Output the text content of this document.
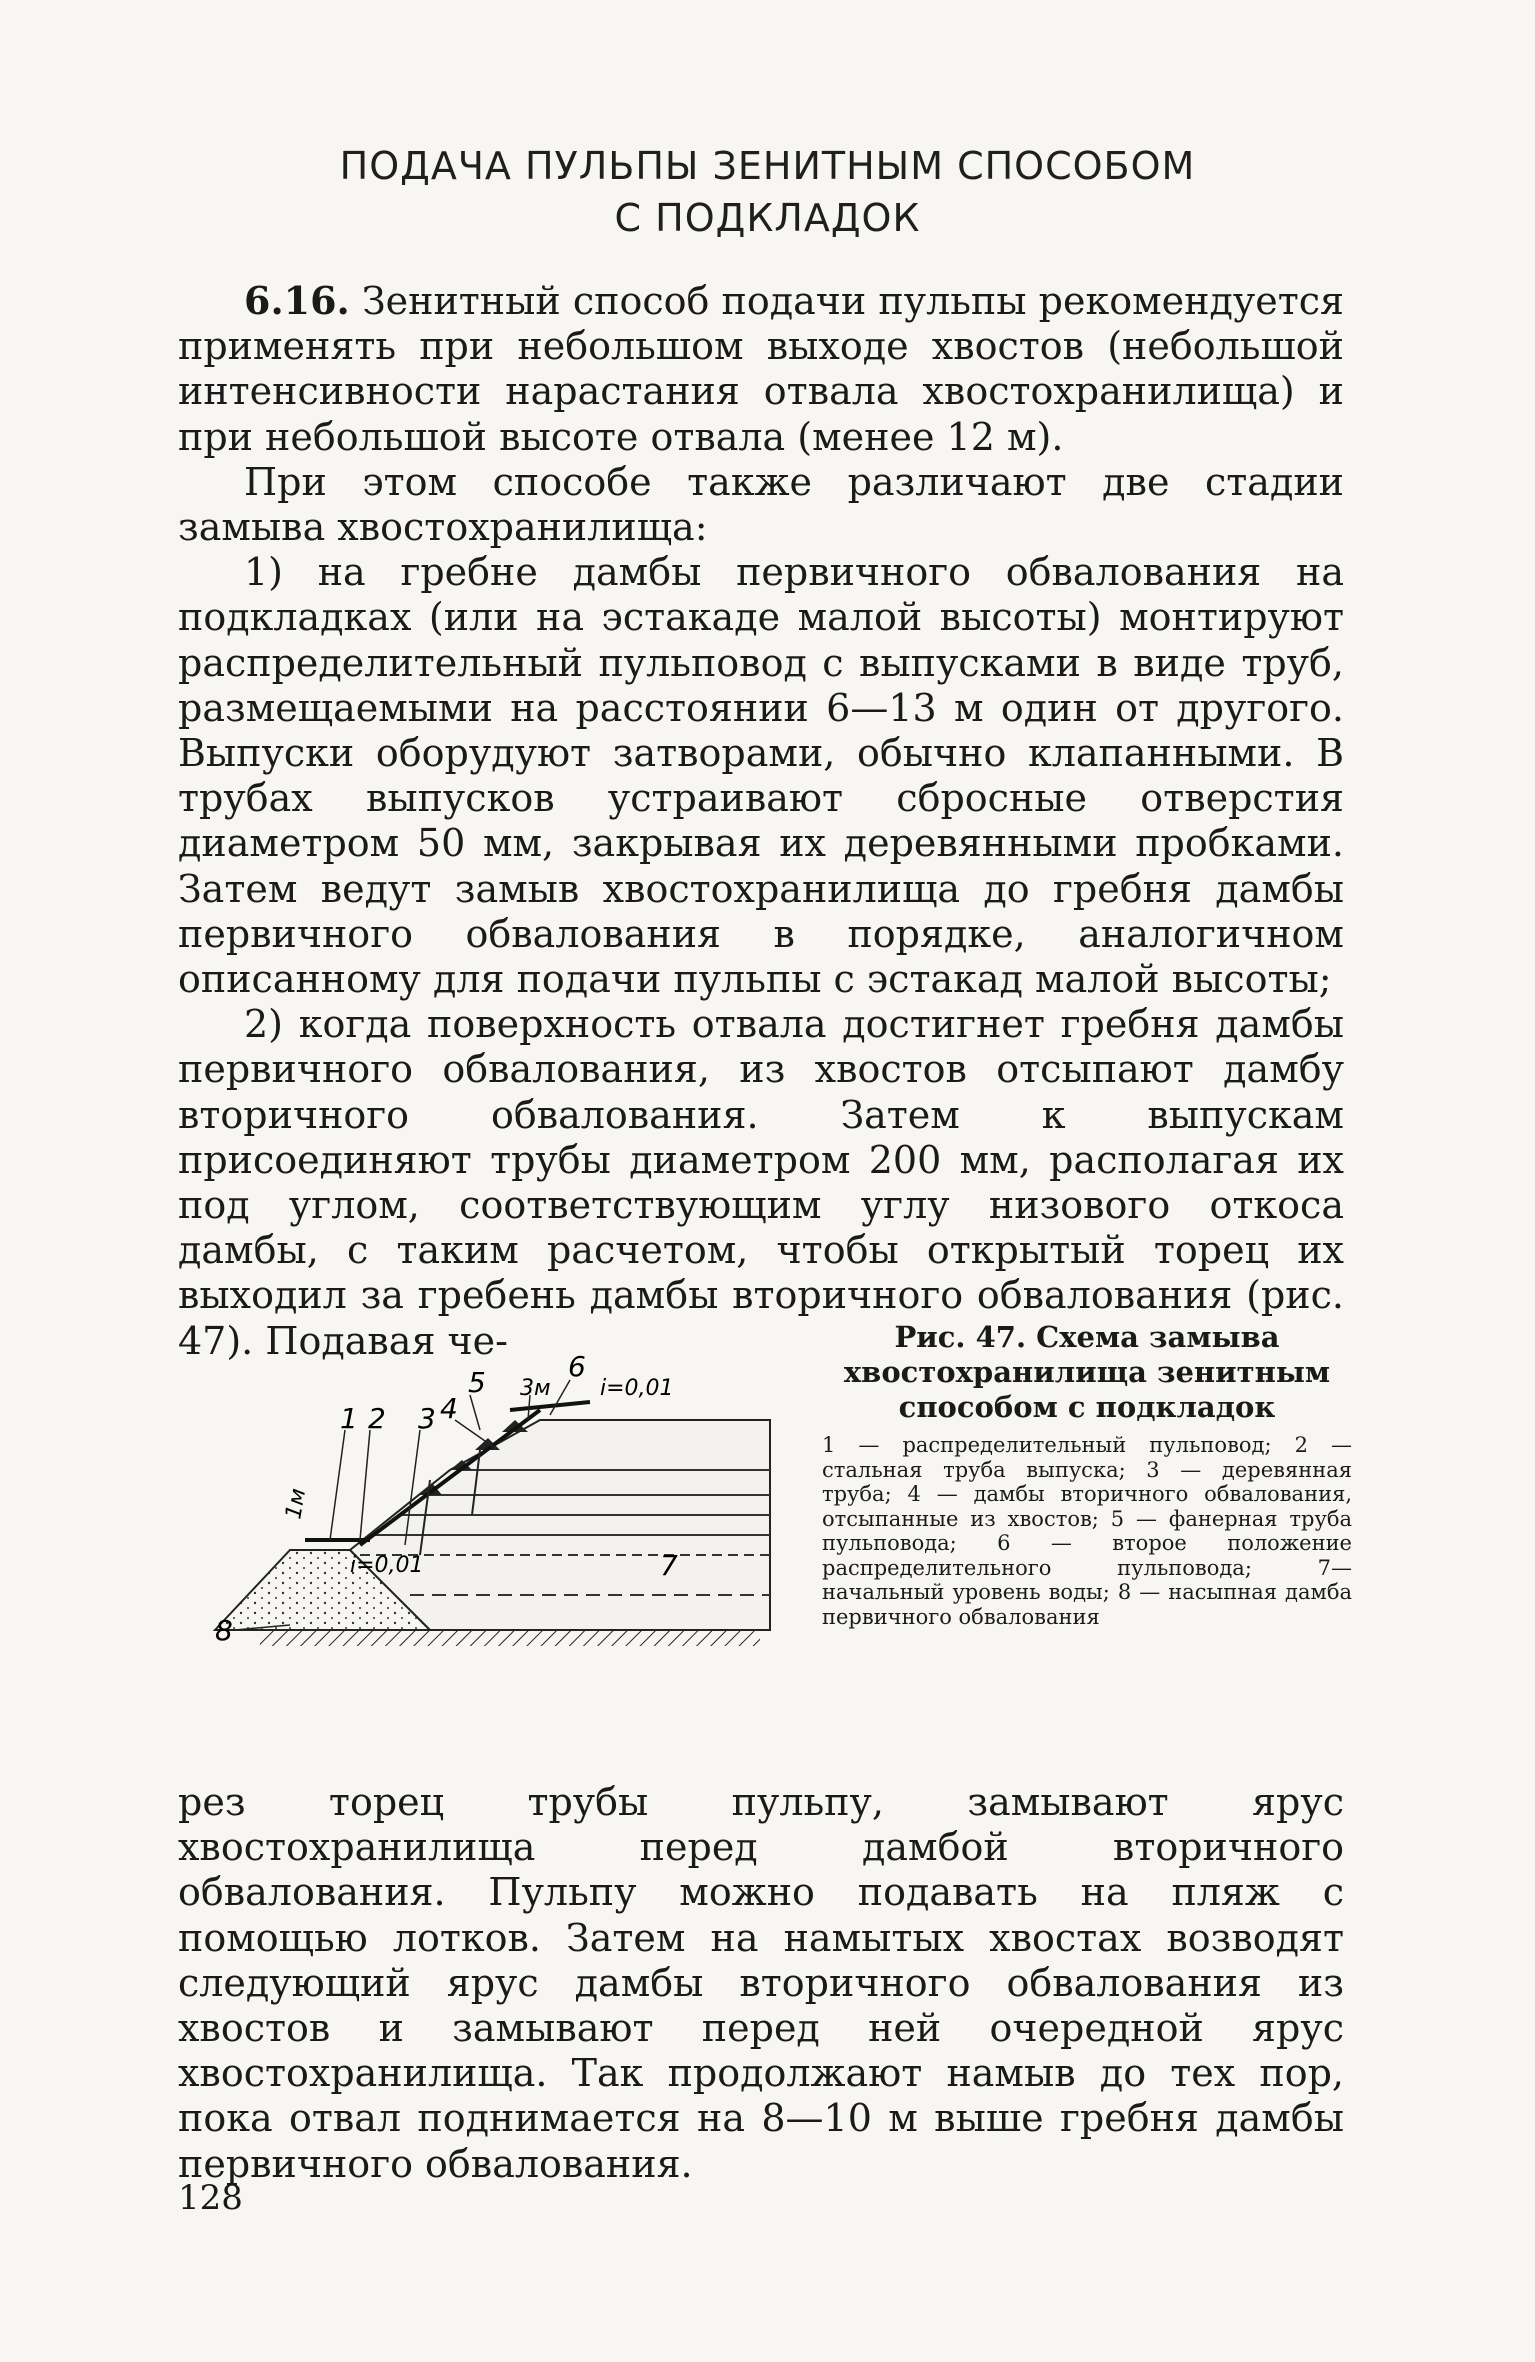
ПОДАЧА ПУЛЬПЫ ЗЕНИТНЫМ СПОСОБОМ
С ПОДКЛАДОК

6.16. Зенитный способ подачи пульпы рекомендуется применять при небольшом выходе хвостов (небольшой интенсивности нарастания отвала хвостохранилища) и при небольшой высоте отвала (менее 12 м).

При этом способе также различают две стадии замыва хвостохранилища:

1) на гребне дамбы первичного обвалования на подкладках (или на эстакаде малой высоты) монтируют распределительный пульповод с выпусками в виде труб, размещаемыми на расстоянии 6—13 м один от другого. Выпуски оборудуют затворами, обычно клапанными. В трубах выпусков устраивают сбросные отверстия диаметром 50 мм, закрывая их деревянными пробками. Затем ведут замыв хвостохранилища до гребня дамбы первичного обвалования в порядке, аналогичном описанному для подачи пульпы с эстакад малой высоты;

2) когда поверхность отвала достигнет гребня дамбы первичного обвалования, из хвостов отсыпают дамбу вторичного обвалования. Затем к выпускам присоединяют трубы диаметром 200 мм, располагая их под углом, соответствующим углу низового откоса дамбы, с таким расчетом, чтобы открытый торец их выходил за гребень дамбы вторичного обвалования (рис. 47). Подавая че-

1 2 3 4
5	6
7
8
1м
3м i=0,01
i=0,01
Рис. 47. Схема замыва хвостохранилища зенитным способом с подкладок
1 — распределительный пульповод; 2 — стальная труба выпуска; 3 — деревянная труба; 4 — дамбы вторичного обвалования, отсыпанные из хвостов; 5 — фанерная труба пульповода; 6 — второе положение распределительного пульповода; 7— начальный уровень воды; 8 — насыпная дамба первичного обвалования

рез торец трубы пульпу, замывают ярус хвостохранилища перед дамбой вторичного обвалования. Пульпу можно подавать на пляж с помощью лотков. Затем на намытых хвостах возводят следующий ярус дамбы вторичного обвалования из хвостов и замывают перед ней очередной ярус хвостохранилища. Так продолжают намыв до тех пор, пока отвал поднимается на 8—10 м выше гребня дамбы первичного обвалования.

128
